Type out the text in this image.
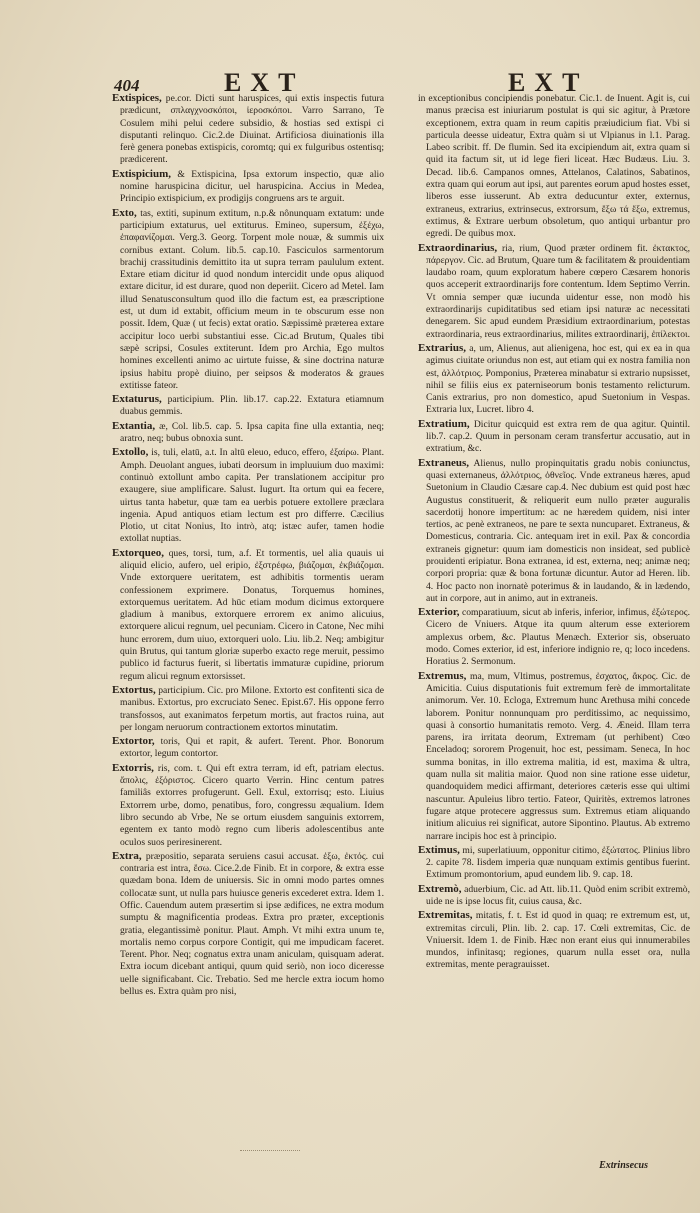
404	EXT	EXT

Extispices, pe.cor. Dicti sunt haruspices, qui extis inspectis futura prædicunt, σπλαγχνοσκόποι, ἱεροσκόποι. Varro Sarrano, Te Cosulem mihi pelui cedere subsidio, & hostias sed extispi ci disputanti relinquo. Cic.2.de Diuinat. Artificiosa diuinationis illa ferè genera ponebas extispicis, coromtq; qui ex fulguribus ostentisq; prædicerent.

Extispicium, & Extispicina, Ipsa extorum inspectio, quæ alio nomine haruspicina dicitur, uel haruspicina. Accius in Medea, Principio extispicium, ex prodigijs congruens ars te arguit.

Exto, tas, extiti, supinum extitum, n.p.& nônunquam extatum: unde participium extaturus, uel extiturus. Emineo, supersum, ἐξέχω, ἐπαφανίζομαι. Verg.3. Georg. Torpent mole nouæ, & summis uix cornibus extant. Colum. lib.5. cap.10. Fasciculos sarmentorum brachij crassitudinis demittito ita ut supra terram paululum extent. Extare etiam dicitur id quod nondum intercidit unde opus aliquod extare dicitur, id est durare, quod non deperiit. Cicero ad Metel. Iam illud Senatusconsultum quod illo die factum est, ea præscriptione est, ut dum id extabit, officium meum in te obscurum esse non possit. Idem, Quæ ( ut fecis) extat oratio. Sæpissimè præterea extare accipitur loco uerbi substantiui esse. Cic.ad Brutum, Quales tibi sæpè scripsi, Cosules extiterunt. Idem pro Archia, Ego multos homines excellenti animo ac uirtute fuisse, & sine doctrina naturæ ipsius habitu propè diuino, per seipsos & moderatos & graues extitisse fateor.

Extaturus, participium. Plin. lib.17. cap.22. Extatura etiamnum duabus gemmis.

Extantia, æ, Col. lib.5. cap. 5. Ipsa capita fine ulla extantia, neq; aratro, neq; bubus obnoxia sunt.

Extollo, is, tuli, elatū, a.t. In altū eleuo, educo, effero, ἐξαίρω. Plant. Amph. Deuolant angues, iubati deorsum in impluuium duo maximi: continuò extollunt ambo capita. Per translationem accipitur pro exaugere, siue amplificare. Salust. Iugurt. Ita ortum qui ea fecere, uirtus tanta habetur, quæ tam ea uerbis potuere extollere præclara ingenia. Apud antiquos etiam lectum est pro differre. Cæcilius Plotio, ut citat Nonius, Ito intrò, atq; istæc aufer, tamen hodie extollat nuptias.

Extorqueo, ques, torsi, tum, a.f. Et tormentis, uel alia quauis ui aliquid elicio, aufero, uel eripio, ἐξστρέφω, βιάζομαι, ἐκβιάζομαι. Vnde extorquere ueritatem, est adhibitis tormentis ueram confessionem exprimere. Donatus, Torquemus homines, extorquemus ueritatem. Ad hūc etiam modum dicimus extorquere gladium à manibus, extorquere errorem ex animo alicuius, extorquere alicui regnum, uel pecuniam. Cicero in Catone, Nec mihi hunc errorem, dum uiuo, extorqueri uolo. Liu. lib.2. Neq; ambigitur quin Brutus, qui tantum gloriæ superbo exacto rege meruit, pessimo publico id facturus fuerit, si libertatis immaturæ cupidine, priorum regum alicui regnum extorsisset.

Extortus, participium. Cic. pro Milone. Extorto est confitenti sica de manibus. Extortus, pro excruciato Senec. Epist.67. His oppone ferro transfossos, aut exanimatos ferpetum mortis, aut fractos ruina, aut per longam neruorum contractionem extortos minutatim.

Extortor, toris, Qui et rapit, & aufert. Terent. Phor. Bonorum extortor, legum contortor.

Extorris, ris, com. t. Qui eft extra terram, id eft, patriam electus. ἄπολις, ἐξόριστος. Cicero quarto Verrin. Hinc centum patres familiâs extorres profugerunt. Gell. Exul, extorrisq; esto. Liuius Extorrem urbe, domo, penatibus, foro, congressu æqualium. Idem libro secundo ab Vrbe, Ne se ortum eiusdem sanguinis extorrem, egentem ex tanto modò regno cum liberis adolescentibus ante oculos suos periresinerent.

Extra, præpositio, separata seruiens casui accusat. ἐξω, ἐκτός. cui contraria est intra, ἔσω. Cice.2.de Finib. Et in corpore, & extra esse quædam bona. Idem de uniuersis. Sic in omni modo partes omnes collocatæ sunt, ut nulla pars huiusce generis excederet extra. Idem 1. Offic. Cauendum autem præsertim si ipse ædifices, ne extra modum sumptu & magnificentia prodeas. Extra pro præter, exceptionis gratia, elegantissimè ponitur. Plaut. Amph. Vt mihi extra unum te, mortalis nemo corpus corpore Contigit, qui me impudicam faceret. Terent. Phor. Neq; cognatus extra unam aniculam, quisquam aderat. Extra iocum dicebant antiqui, quum quid seriò, non ioco diceresse uelle significabant. Cic. Trebatio. Sed me hercle extra iocum homo bellus es. Extra quàm pro nisi,

in exceptionibus concipiendis ponebatur. Cic.1. de Inuent. Agit is, cui manus præcisa est iniuriarum postulat is qui sic agitur, à Prætore exceptionem, extra quam in reum capitis præiudicium fiat. Vbi si particula deesse uideatur, Extra quàm si ut Vlpianus in l.1. Parag. Labeo scribit. ff. De flumin. Sed ita excipiendum ait, extra quam si quid ita factum sit, ut id lege fieri liceat. Hæc Budæus. Liu. 3. Decad. lib.6. Campanos omnes, Attelanos, Calatinos, Sabatinos, extra quam qui eorum aut ipsi, aut parentes eorum apud hostes esset, liberos esse iusserunt. Ab extra deducuntur exter, externus, extraneus, extrarius, extrinsecus, extrorsum, ἔξω τά ἔξω, extremus, extimus, & Extrare uerbum obsoletum, quo antiqui urbantur pro egredi. De quibus mox.

Extraordinarius, ria, rium, Quod præter ordinem fit. ἐκτακτος, πάρεργον. Cic. ad Brutum, Quare tum & facilitatem & prouidentiam laudabo roam, quum exploratum habere cœpero Cæsarem honoris quos acceperit extraordinarijs fore contentum. Idem Septimo Verrin. Vt omnia semper quæ iucunda uidentur esse, non modò his extraordinarijs cupiditatibus sed etiam ipsi naturæ ac necessitati denegarem. Sic apud eundem Præsidium extraordinarium, potestas extraordinaria, reus extraordinarius, milites extraordinarij, ἐπίλεκτοι.

Extrarius, a, um, Alienus, aut alienigena, hoc est, qui ex ea in qua agimus ciuitate oriundus non est, aut etiam qui ex nostra familia non est, ἀλλότριος. Pomponius, Præterea minabatur si extrario nupsisset, nihil se filiis eius ex paterniseorum bonis testamento relicturum. Canis extrarius, pro non domestico, apud Suetonium in Vespas. Extraria lux, Lucret. libro 4.

Extratium, Dicitur quicquid est extra rem de qua agitur. Quintil. lib.7. cap.2. Quum in personam ceram transfertur accusatio, aut in extratium, &c.

Extraneus, Alienus, nullo propinquitatis gradu nobis coniunctus, quasi externaneus, ἀλλότριος, ὀθνεῖος. Vnde extraneus hæres, apud Suetonium in Claudio Cæsare cap.4. Nec dubium est quid post hæc Augustus constituerit, & reliquerit eum nullo præter auguralis sacerdotij honore impertitum: ac ne hæredem quidem, nisi inter tertios, ac penè extraneos, ne pare te sexta nuncuparet. Extraneus, & Domesticus, contraria. Cic. antequam iret in exil. Pax & concordia extraneis gignetur: quum iam domesticis non insideat, sed publicè prouidenti eripiatur. Bona extranea, id est, externa, neq; animæ neq; corpori propria: quæ & bona fortunæ dicuntur. Autor ad Heren. lib. 4. Hoc pacto non inornatè poterimus & in laudando, & in lædendo, aut in corpore, aut in animo, aut in extraneis.

Exterior, comparatiuum, sicut ab inferis, inferior, infimus, ἐξώτερος. Cicero de Vniuers. Atque ita quum alterum esse exteriorem amplexus orbem, &c. Plautus Menæch. Exterior sis, obseruato modo. Comes exterior, id est, inferiore indignio re, q; loco incedens. Horatius 2. Sermonum.

Extremus, ma, mum, Vltimus, postremus, ἐσχατος, ἄκρος. Cic. de Amicitia. Cuius disputationis fuit extremum ferè de immortalitate animorum. Ver. 10. Ecloga, Extremum hunc Arethusa mihi concede laborem. Ponitur nonnunquam pro perditissimo, ac nequissimo, quasi à consortio humanitatis remoto. Verg. 4. Æneid. Illam terra parens, ira irritata deorum, Extremam (ut perhibent) Cœo Enceladoq; sororem Progenuit, hoc est, pessimam. Seneca, In hoc summa bonitas, in illo extrema malitia, id est, maxima & ultra, quam nulla sit malitia maior. Quod non sine ratione esse uidetur, quandoquidem medici affirmant, deteriores cæteris esse qui ultimi nascuntur. Apuleius libro tertio. Fateor, Quiritès, extremos latrones fugare atque protecere aggressus sum. Extremus etiam aliquando initium alicuius rei significat, autore Sipontino. Plautus. Ab extremo narrare incipis hoc est à principio.

Extimus, mi, superlatiuum, opponitur citimo, ἐξώτατος. Plinius libro 2. capite 78. Iisdem imperia quæ nunquam extimis gentibus fuerint. Extimum promontorium, apud eundem lib. 9. cap. 18.

Extremò, aduerbium, Cic. ad Att. lib.11. Quòd enim scribit extremò, uide ne is ipse locus fit, cuius causa, &c.

Extremitas, mitatis, f. t. Est id quod in quaq; re extremum est, ut, extremitas circuli, Plin. lib. 2. cap. 17. Cœli extremitas, Cic. de Vniuersit. Idem 1. de Finib. Hæc non erant eius qui innumerabiles mundos, infinitasq; regiones, quarum nulla esset ora, nulla extremitas, mente peragrauisset.

Extrinsecus
